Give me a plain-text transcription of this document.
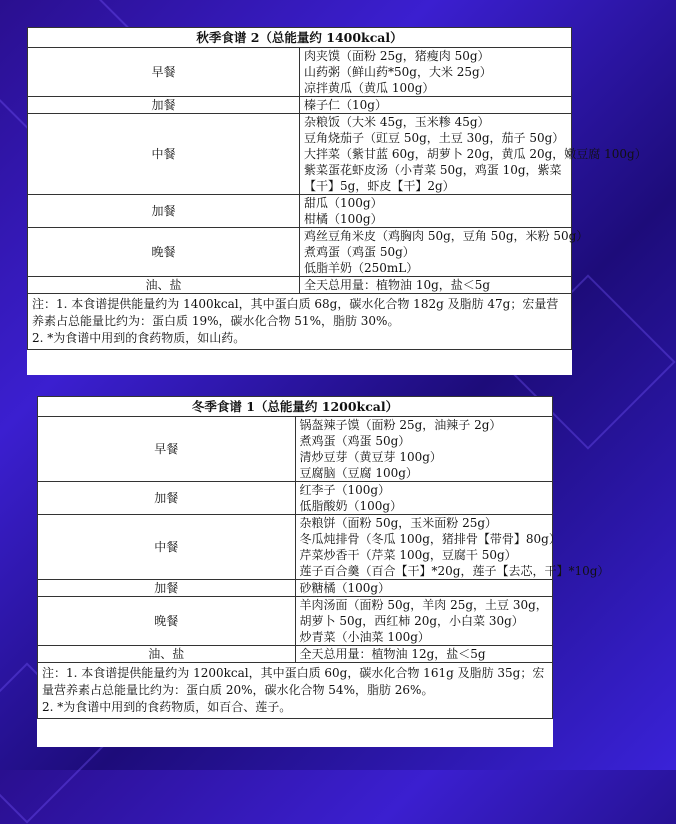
秋季食谱 2（总能量约 1400kcal）	
早餐	肉夹馍（面粉 25g，猪瘦肉 50g）
山药粥（鲜山药*50g，大米 25g）
凉拌黄瓜（黄瓜 100g）

加餐	榛子仁（10g）

中餐	杂粮饭（大米 45g，玉米糁 45g）
豆角烧茄子（豇豆 50g，土豆 30g，茄子 50g）
大拌菜（紫甘蓝 60g，胡萝卜 20g，黄瓜 20g，嫩豆腐 100g）
紫菜蛋花虾皮汤（小青菜 50g，鸡蛋 10g，紫菜【干】5g，虾皮【干】2g）

加餐	甜瓜（100g）
柑橘（100g）

晚餐	鸡丝豆角米皮（鸡胸肉 50g，豆角 50g，米粉 50g）
煮鸡蛋（鸡蛋 50g）
低脂羊奶（250mL）

油、盐	全天总用量：植物油 10g，盐＜5g

注：1. 本食谱提供能量约为 1400kcal，其中蛋白质 68g，碳水化合物 182g 及脂肪 47g；宏量营养素占总能量比约为：蛋白质 19%，碳水化合物 51%，脂肪 30%。
2. *为食谱中用到的食药物质，如山药。	
冬季食谱 1（总能量约 1200kcal）	
早餐	锅盔辣子馍（面粉 25g，油辣子 2g）
煮鸡蛋（鸡蛋 50g）
清炒豆芽（黄豆芽 100g）
豆腐脑（豆腐 100g）

加餐	红李子（100g）
低脂酸奶（100g）

中餐	杂粮饼（面粉 50g，玉米面粉 25g）
冬瓜炖排骨（冬瓜 100g，猪排骨【带骨】80g）
芹菜炒香干（芹菜 100g，豆腐干 50g）
莲子百合羹（百合【干】*20g，莲子【去芯，干】*10g）

加餐	砂糖橘（100g）

晚餐	羊肉汤面（面粉 50g，羊肉 25g，土豆 30g，胡萝卜 50g，西红柿 20g，小白菜 30g）
炒青菜（小油菜 100g）

油、盐	全天总用量：植物油 12g，盐＜5g

注：1. 本食谱提供能量约为 1200kcal，其中蛋白质 60g，碳水化合物 161g 及脂肪 35g；宏量营养素占总能量比约为：蛋白质 20%，碳水化合物 54%，脂肪 26%。
2. *为食谱中用到的食药物质，如百合、莲子。	
